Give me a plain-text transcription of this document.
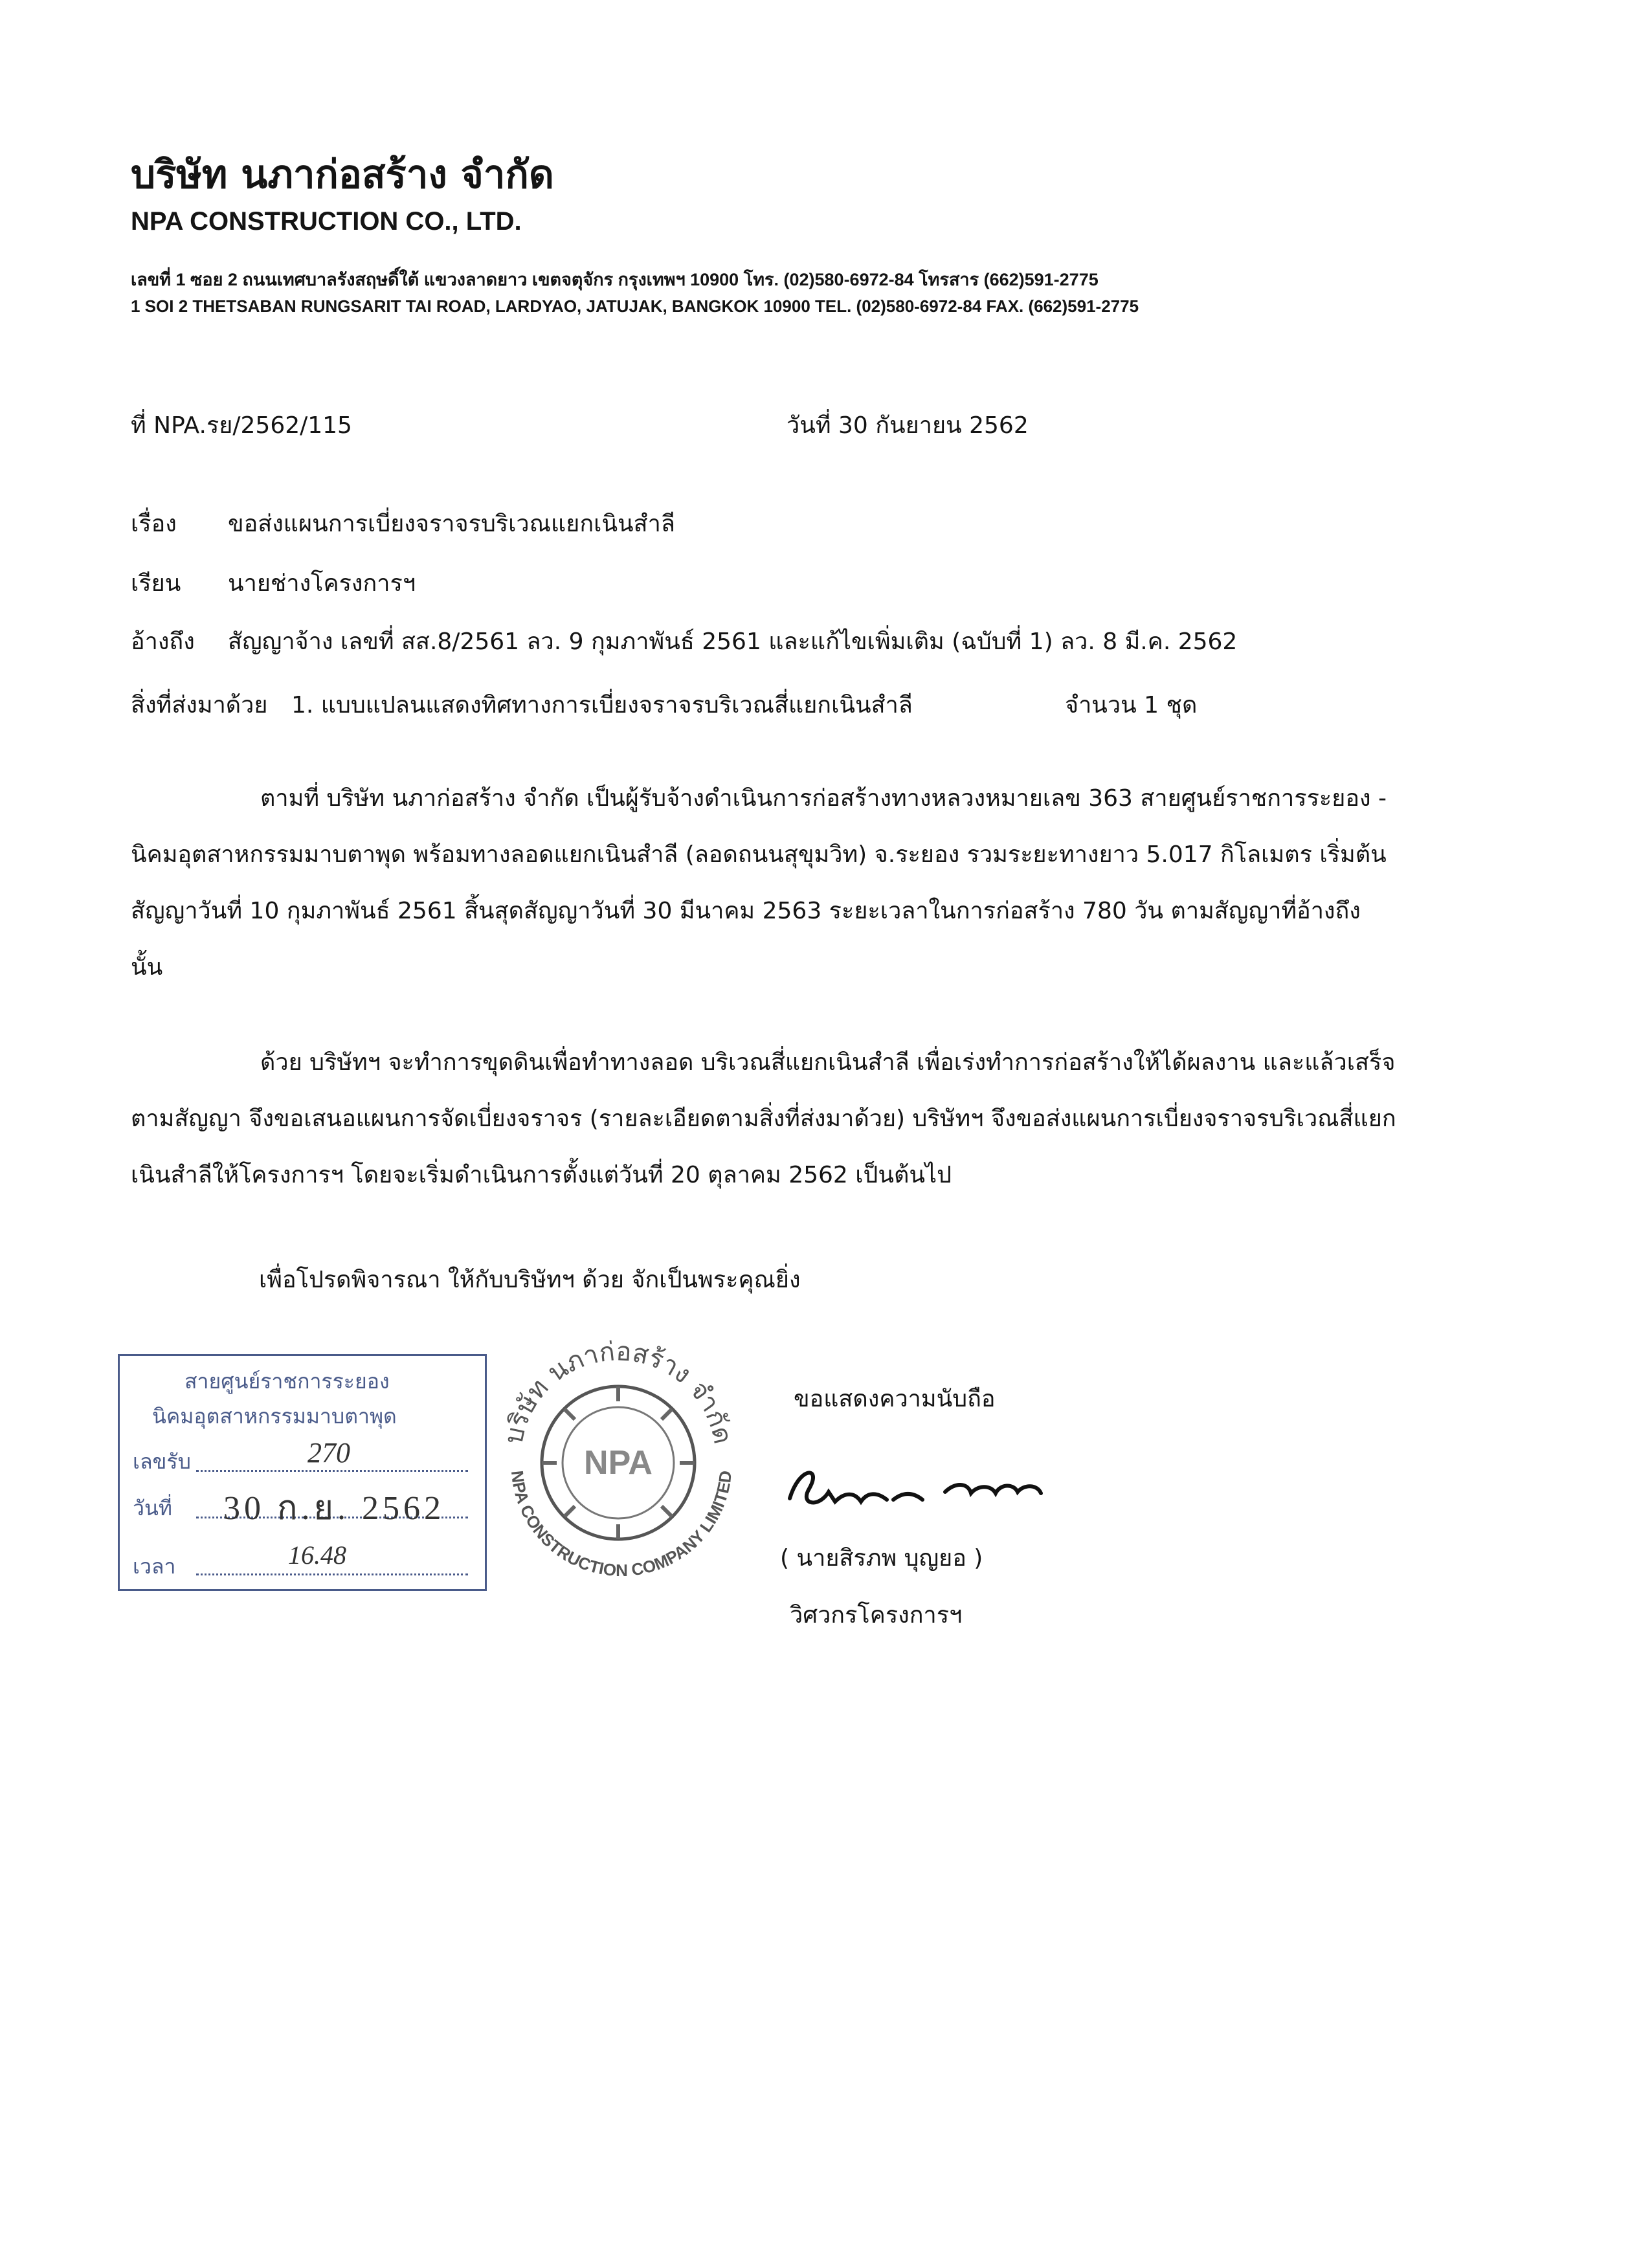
บริษัท นภาก่อสร้าง จำกัด
NPA CONSTRUCTION CO., LTD.
เลขที่ 1 ซอย 2 ถนนเทศบาลรังสฤษดิ์ใต้ แขวงลาดยาว เขตจตุจักร กรุงเทพฯ 10900 โทร. (02)580-6972-84 โทรสาร (662)591-2775
1 SOI 2 THETSABAN RUNGSARIT TAI ROAD, LARDYAO, JATUJAK, BANGKOK 10900 TEL. (02)580-6972-84 FAX. (662)591-2775
ที่ NPA.รย/2562/115	วันที่ 30 กันยายน 2562
เรื่อง ขอส่งแผนการเบี่ยงจราจรบริเวณแยกเนินสำลี
เรียน นายช่างโครงการฯ
อ้างถึง สัญญาจ้าง เลขที่ สส.8/2561 ลว. 9 กุมภาพันธ์ 2561 และแก้ไขเพิ่มเติม (ฉบับที่ 1) ลว. 8 มี.ค. 2562
สิ่งที่ส่งมาด้วย 1. แบบแปลนแสดงทิศทางการเบี่ยงจราจรบริเวณสี่แยกเนินสำลี	จำนวน 1 ชุด
ตามที่ บริษัท นภาก่อสร้าง จำกัด เป็นผู้รับจ้างดำเนินการก่อสร้างทางหลวงหมายเลข 363 สายศูนย์ราชการระยอง - นิคมอุตสาหกรรมมาบตาพุด พร้อมทางลอดแยกเนินสำลี (ลอดถนนสุขุมวิท) จ.ระยอง รวมระยะทางยาว 5.017 กิโลเมตร เริ่มต้นสัญญาวันที่ 10 กุมภาพันธ์ 2561 สิ้นสุดสัญญาวันที่ 30 มีนาคม 2563 ระยะเวลาในการก่อสร้าง 780 วัน ตามสัญญาที่อ้างถึง นั้น
ด้วย บริษัทฯ จะทำการขุดดินเพื่อทำทางลอด บริเวณสี่แยกเนินสำลี เพื่อเร่งทำการก่อสร้างให้ได้ผลงาน และแล้วเสร็จตามสัญญา จึงขอเสนอแผนการจัดเบี่ยงจราจร (รายละเอียดตามสิ่งที่ส่งมาด้วย) บริษัทฯ จึงขอส่งแผนการเบี่ยงจราจรบริเวณสี่แยกเนินสำลีให้โครงการฯ โดยจะเริ่มดำเนินการตั้งแต่วันที่ 20 ตุลาคม 2562 เป็นต้นไป
เพื่อโปรดพิจารณา ให้กับบริษัทฯ ด้วย จักเป็นพระคุณยิ่ง
สายศูนย์ราชการระยอง
นิคมอุตสาหกรรมมาบตาพุด
เลขรับ	270
วันที่ 30 ก.ย. 2562
เวลา	16.48
บริษัท นภาก่อสร้าง จำกัด
NPA CONSTRUCTION COMPANY LIMITED
NPA
ขอแสดงความนับถือ
( นายสิรภพ บุญยอ )
วิศวกรโครงการฯ
